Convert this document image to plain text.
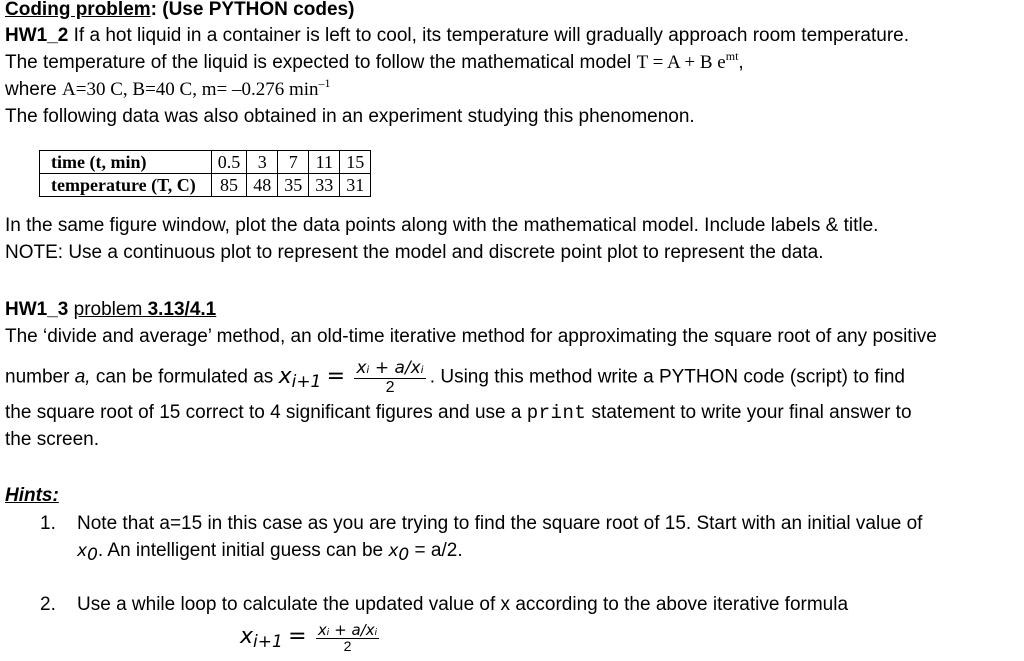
Coding problem: (Use PYTHON codes)
HW1_2 If a hot liquid in a container is left to cool, its temperature will gradually approach room temperature.
The temperature of the liquid is expected to follow the mathematical model T = A + B $e^{mt}$,
where A=30 C, B=40 C, m= –0.276 $\min^{-1}$
The following data was also obtained in an experiment studying this phenomenon.
time (t, min)	0.5	3	7	11	15
temperature (T, C)	85	48	35	33	31
In the same figure window, plot the data points along with the mathematical model. Include labels & title.
NOTE: Use a continuous plot to represent the model and discrete point plot to represent the data.
HW1_3 problem 3.13/4.1
The ‘divide and average’ method, an old-time iterative method for approximating the square root of any positive
number a, can be formulated as $x_{i+1} = \frac{\text{xᵢ + a/xᵢ}}{2}$ . Using this method write a PYTHON code (script) to find
the square root of 15 correct to 4 significant figures and use a print statement to write your final answer to
the screen.
Hints:
1. Note that a=15 in this case as you are trying to find the square root of 15. Start with an initial value of
$x_0$. An intelligent initial guess can be $x_0 = a/2$.
2. Use a while loop to calculate the updated value of x according to the above iterative formula
$x_{i+1} = \frac{\text{xᵢ + a/xᵢ}}{2}$
